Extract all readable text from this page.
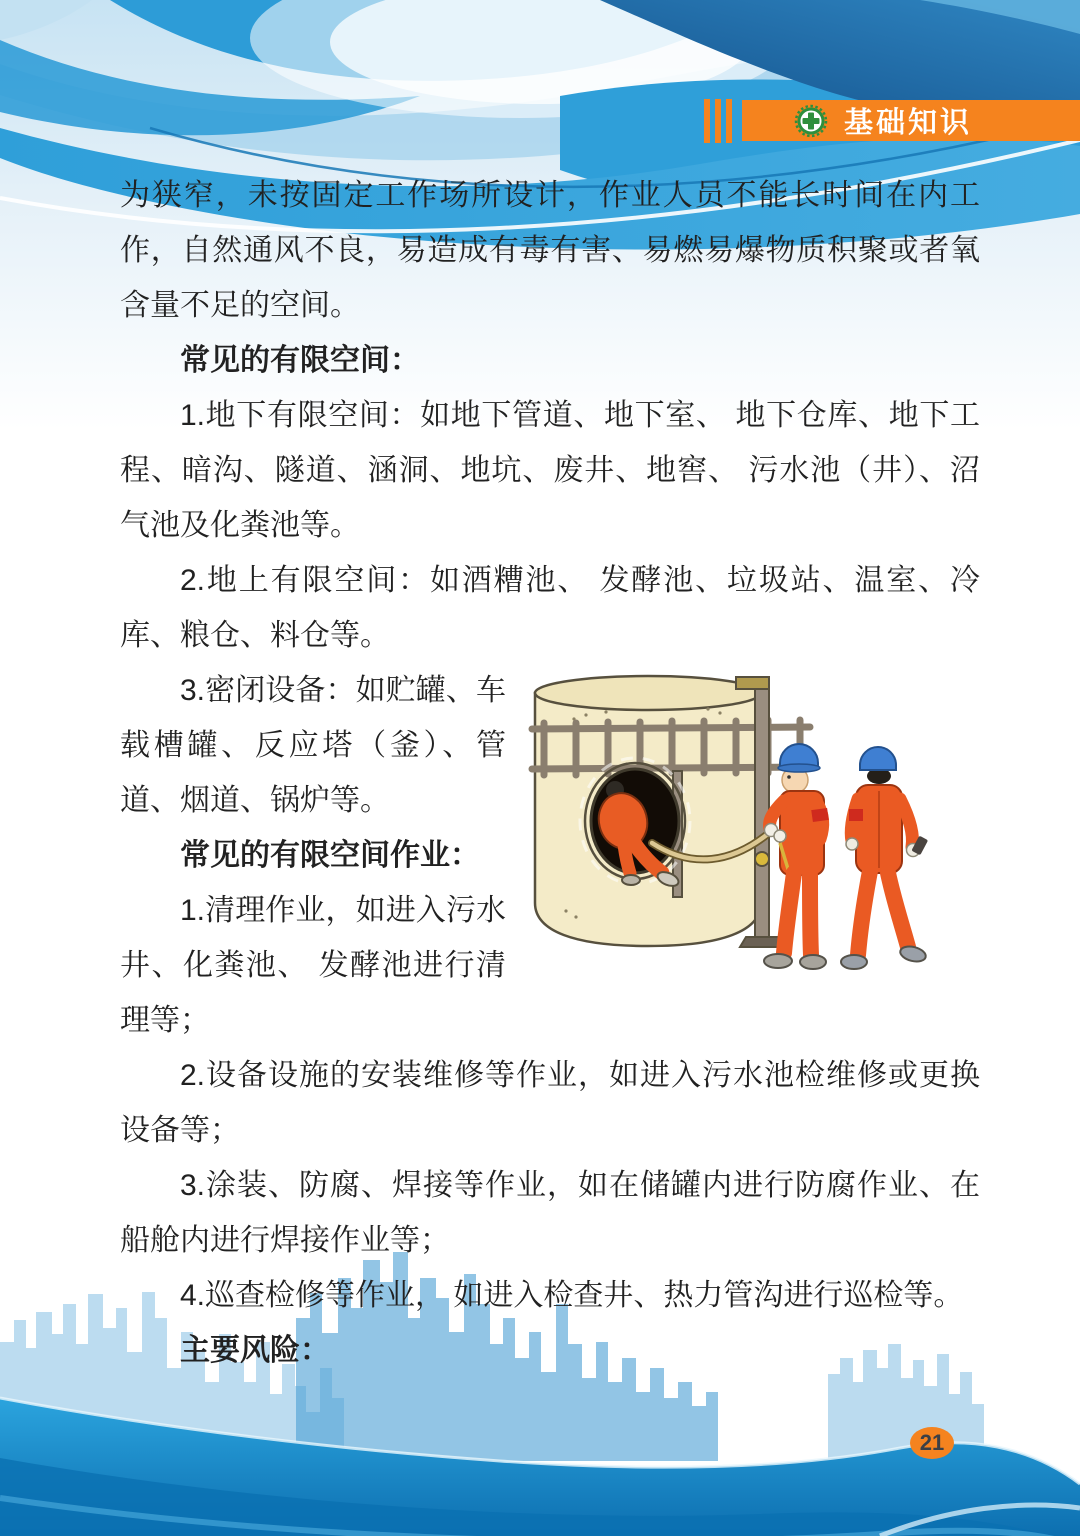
基础知识

为狭窄，未按固定工作场所设计，作业人员不能长时间在内工作，自然通风不良，易造成有毒有害、易燃易爆物质积聚或者氧含量不足的空间。

常见的有限空间：

1.地下有限空间：如地下管道、地下室、 地下仓库、地下工程、暗沟、隧道、涵洞、地坑、废井、地窖、 污水池（井）、沼气池及化粪池等。

2.地上有限空间：如酒糟池、 发酵池、垃圾站、温室、冷库、粮仓、料仓等。

3.密闭设备：如贮罐、车载槽罐、反应塔（釜）、管道、烟道、锅炉等。

常见的有限空间作业：

1.清理作业，如进入污水井、化粪池、 发酵池进行清理等；

2.设备设施的安装维修等作业，如进入污水池检维修或更换设备等；

3.涂装、防腐、焊接等作业，如在储罐内进行防腐作业、在船舱内进行焊接作业等；

4.巡查检修等作业， 如进入检查井、热力管沟进行巡检等。

主要风险：

21
